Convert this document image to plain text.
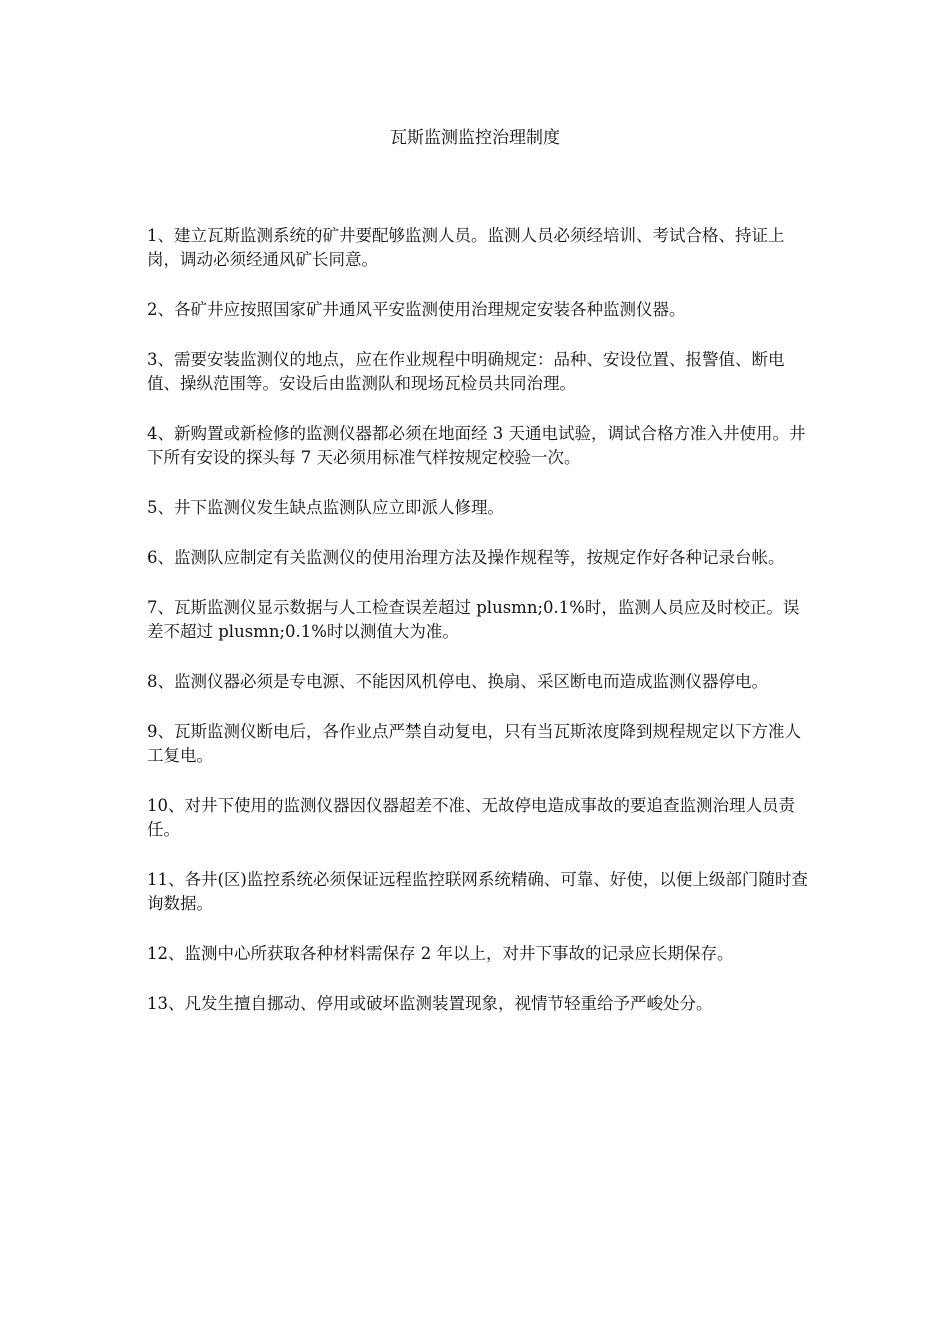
瓦斯监测监控治理制度
1、建立瓦斯监测系统的矿井要配够监测人员。监测人员必须经培训、考试合格、持证上岗，调动必须经通风矿长同意。
2、各矿井应按照国家矿井通风平安监测使用治理规定安装各种监测仪器。
3、需要安装监测仪的地点，应在作业规程中明确规定：品种、安设位置、报警值、断电值、操纵范围等。安设后由监测队和现场瓦检员共同治理。
4、新购置或新检修的监测仪器都必须在地面经 3 天通电试验，调试合格方准入井使用。井下所有安设的探头每 7 天必须用标准气样按规定校验一次。
5、井下监测仪发生缺点监测队应立即派人修理。
6、监测队应制定有关监测仪的使用治理方法及操作规程等，按规定作好各种记录台帐。
7、瓦斯监测仪显示数据与人工检查误差超过 plusmn;0.1%时，监测人员应及时校正。误差不超过 plusmn;0.1%时以测值大为准。
8、监测仪器必须是专电源、不能因风机停电、换扇、采区断电而造成监测仪器停电。
9、瓦斯监测仪断电后，各作业点严禁自动复电，只有当瓦斯浓度降到规程规定以下方准人工复电。
10、对井下使用的监测仪器因仪器超差不准、无故停电造成事故的要追查监测治理人员责任。
11、各井(区)监控系统必须保证远程监控联网系统精确、可靠、好使，以便上级部门随时查询数据。
12、监测中心所获取各种材料需保存 2 年以上，对井下事故的记录应长期保存。
13、凡发生擅自挪动、停用或破坏监测装置现象，视情节轻重给予严峻处分。
